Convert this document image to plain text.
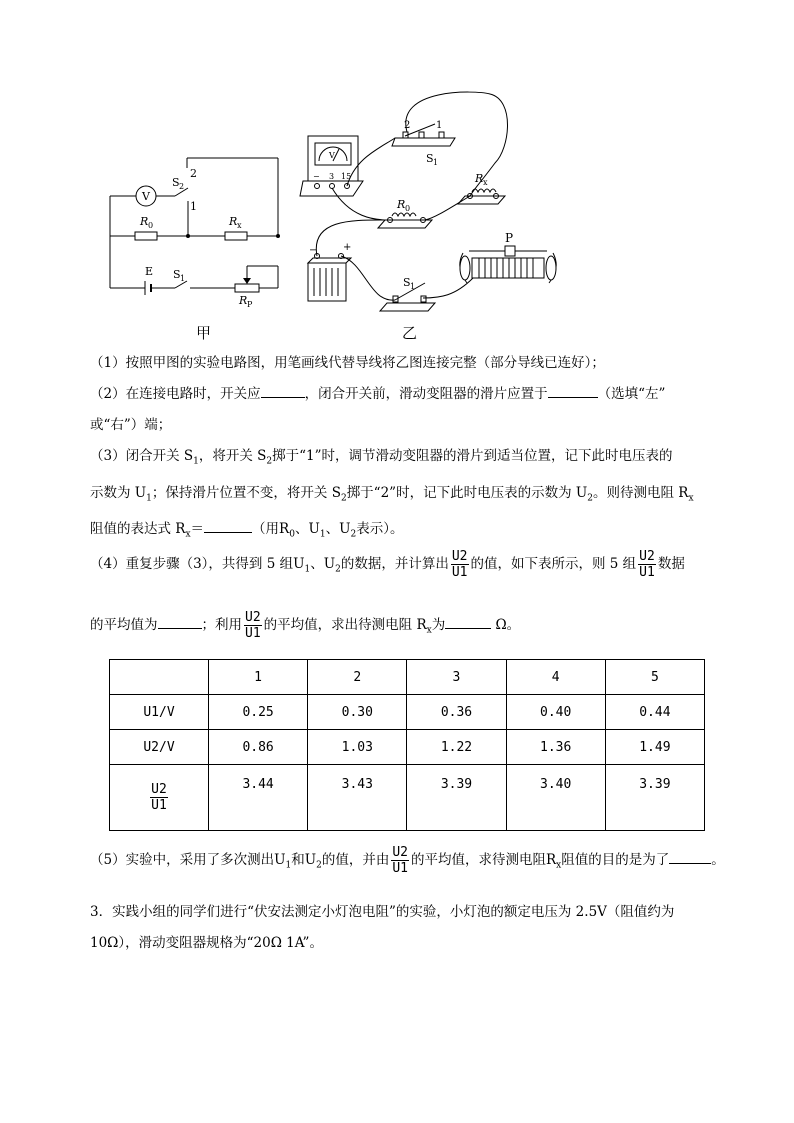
V
S 2
2
1
R 0	R x
E S 1
R P
2	1
S 1
V
− 3 15	R x
R 0
P
−	+
S 1
甲	乙
（1）按照甲图的实验电路图，用笔画线代替导线将乙图连接完整（部分导线已连好）；
（2）在连接电路时，开关应	，闭合开关前，滑动变阻器的滑片应置于	（选填“左”
或“右”）端；
（3）闭合开关 $S_1$，将开关 $S_2$掷于“1”时，调节滑动变阻器的滑片到适当位置，记下此时电压表的
示数为 $U_1$；保持滑片位置不变，将开关 $S_2$掷于“2”时，记下此时电压表的示数为 $U_2$。则待测电阻 $R_x$
阻值的表达式 $R_x=$	（用$R_0$、$U_1$、$U_2$表示）。
（4）重复步骤（3），共得到 5 组$U_1$、$U_2$的数据，并计算出 $\frac{U2}{U1}$ 的值，如下表所示，则 5 组 $\frac{U2}{U1}$ 数据
的平均值为	；利用 $\frac{U2}{U1}$ 的平均值，求出待测电阻 $R_x$为	Ω。
	1	2	3	4	5
U1/V	0.25	0.30	0.36	0.40	0.44
U2/V	0.86	1.03	1.22	1.36	1.49

$\frac{U2}{U1}$	3.44	3.43	3.39	3.40	3.39
（5）实验中，采用了多次测出$U_1$和$U_2$的值，并由 $\frac{U2}{U1}$ 的平均值，求待测电阻$R_x$阻值的目的是为了	。
3．实践小组的同学们进行“伏安法测定小灯泡电阻”的实验，小灯泡的额定电压为 2.5V（阻值约为
10Ω），滑动变阻器规格为“20Ω 1A”。
